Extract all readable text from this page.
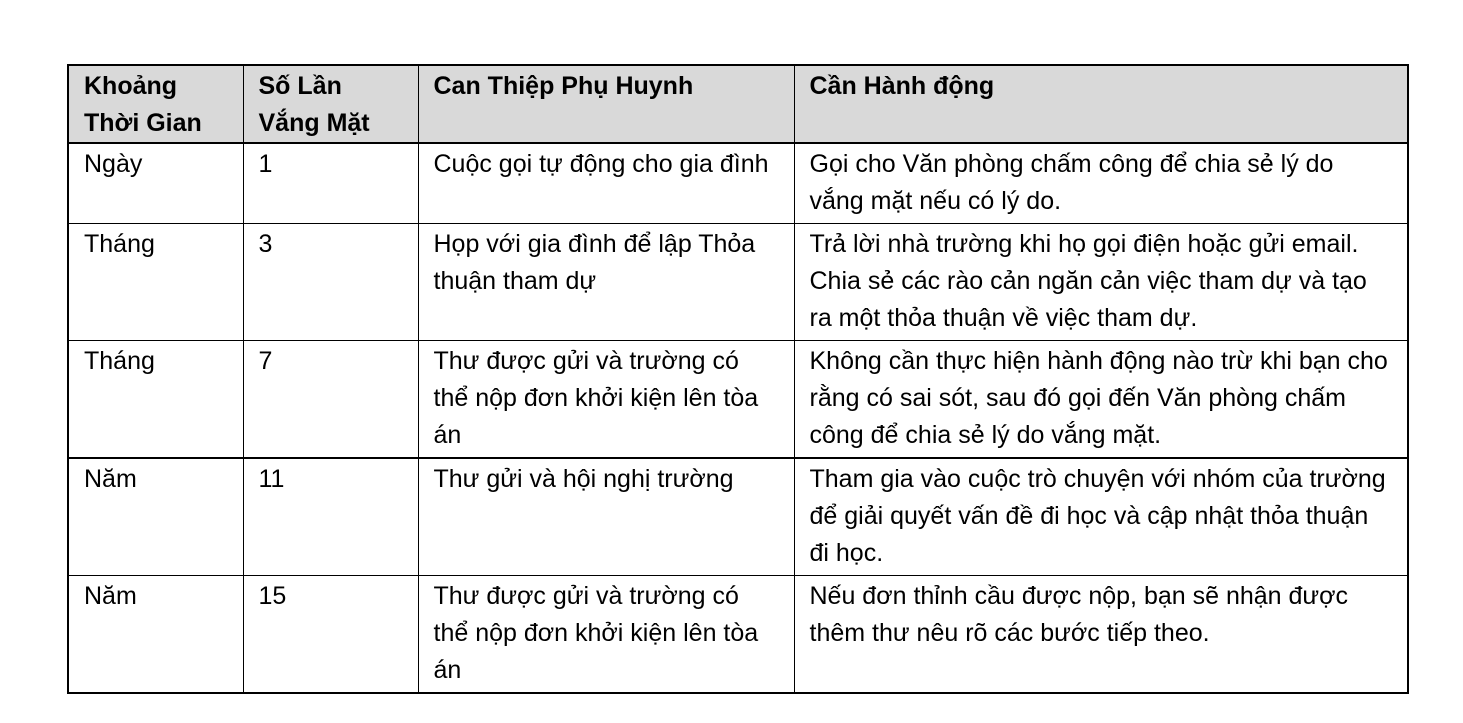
Khoảng Thời Gian	Số Lần Vắng Mặt	Can Thiệp Phụ Huynh	Cần Hành động
Ngày	1	Cuộc gọi tự động cho gia đình	Gọi cho Văn phòng chấm công để chia sẻ lý do vắng mặt nếu có lý do.
Tháng	3	Họp với gia đình để lập Thỏa thuận tham dự	Trả lời nhà trường khi họ gọi điện hoặc gửi email. Chia sẻ các rào cản ngăn cản việc tham dự và tạo ra một thỏa thuận về việc tham dự.
Tháng	7	Thư được gửi và trường có thể nộp đơn khởi kiện lên tòa án	Không cần thực hiện hành động nào trừ khi bạn cho rằng có sai sót, sau đó gọi đến Văn phòng chấm công để chia sẻ lý do vắng mặt.
Năm	11	Thư gửi và hội nghị trường	Tham gia vào cuộc trò chuyện với nhóm của trường để giải quyết vấn đề đi học và cập nhật thỏa thuận đi học.
Năm	15	Thư được gửi và trường có thể nộp đơn khởi kiện lên tòa án	Nếu đơn thỉnh cầu được nộp, bạn sẽ nhận được thêm thư nêu rõ các bước tiếp theo.
